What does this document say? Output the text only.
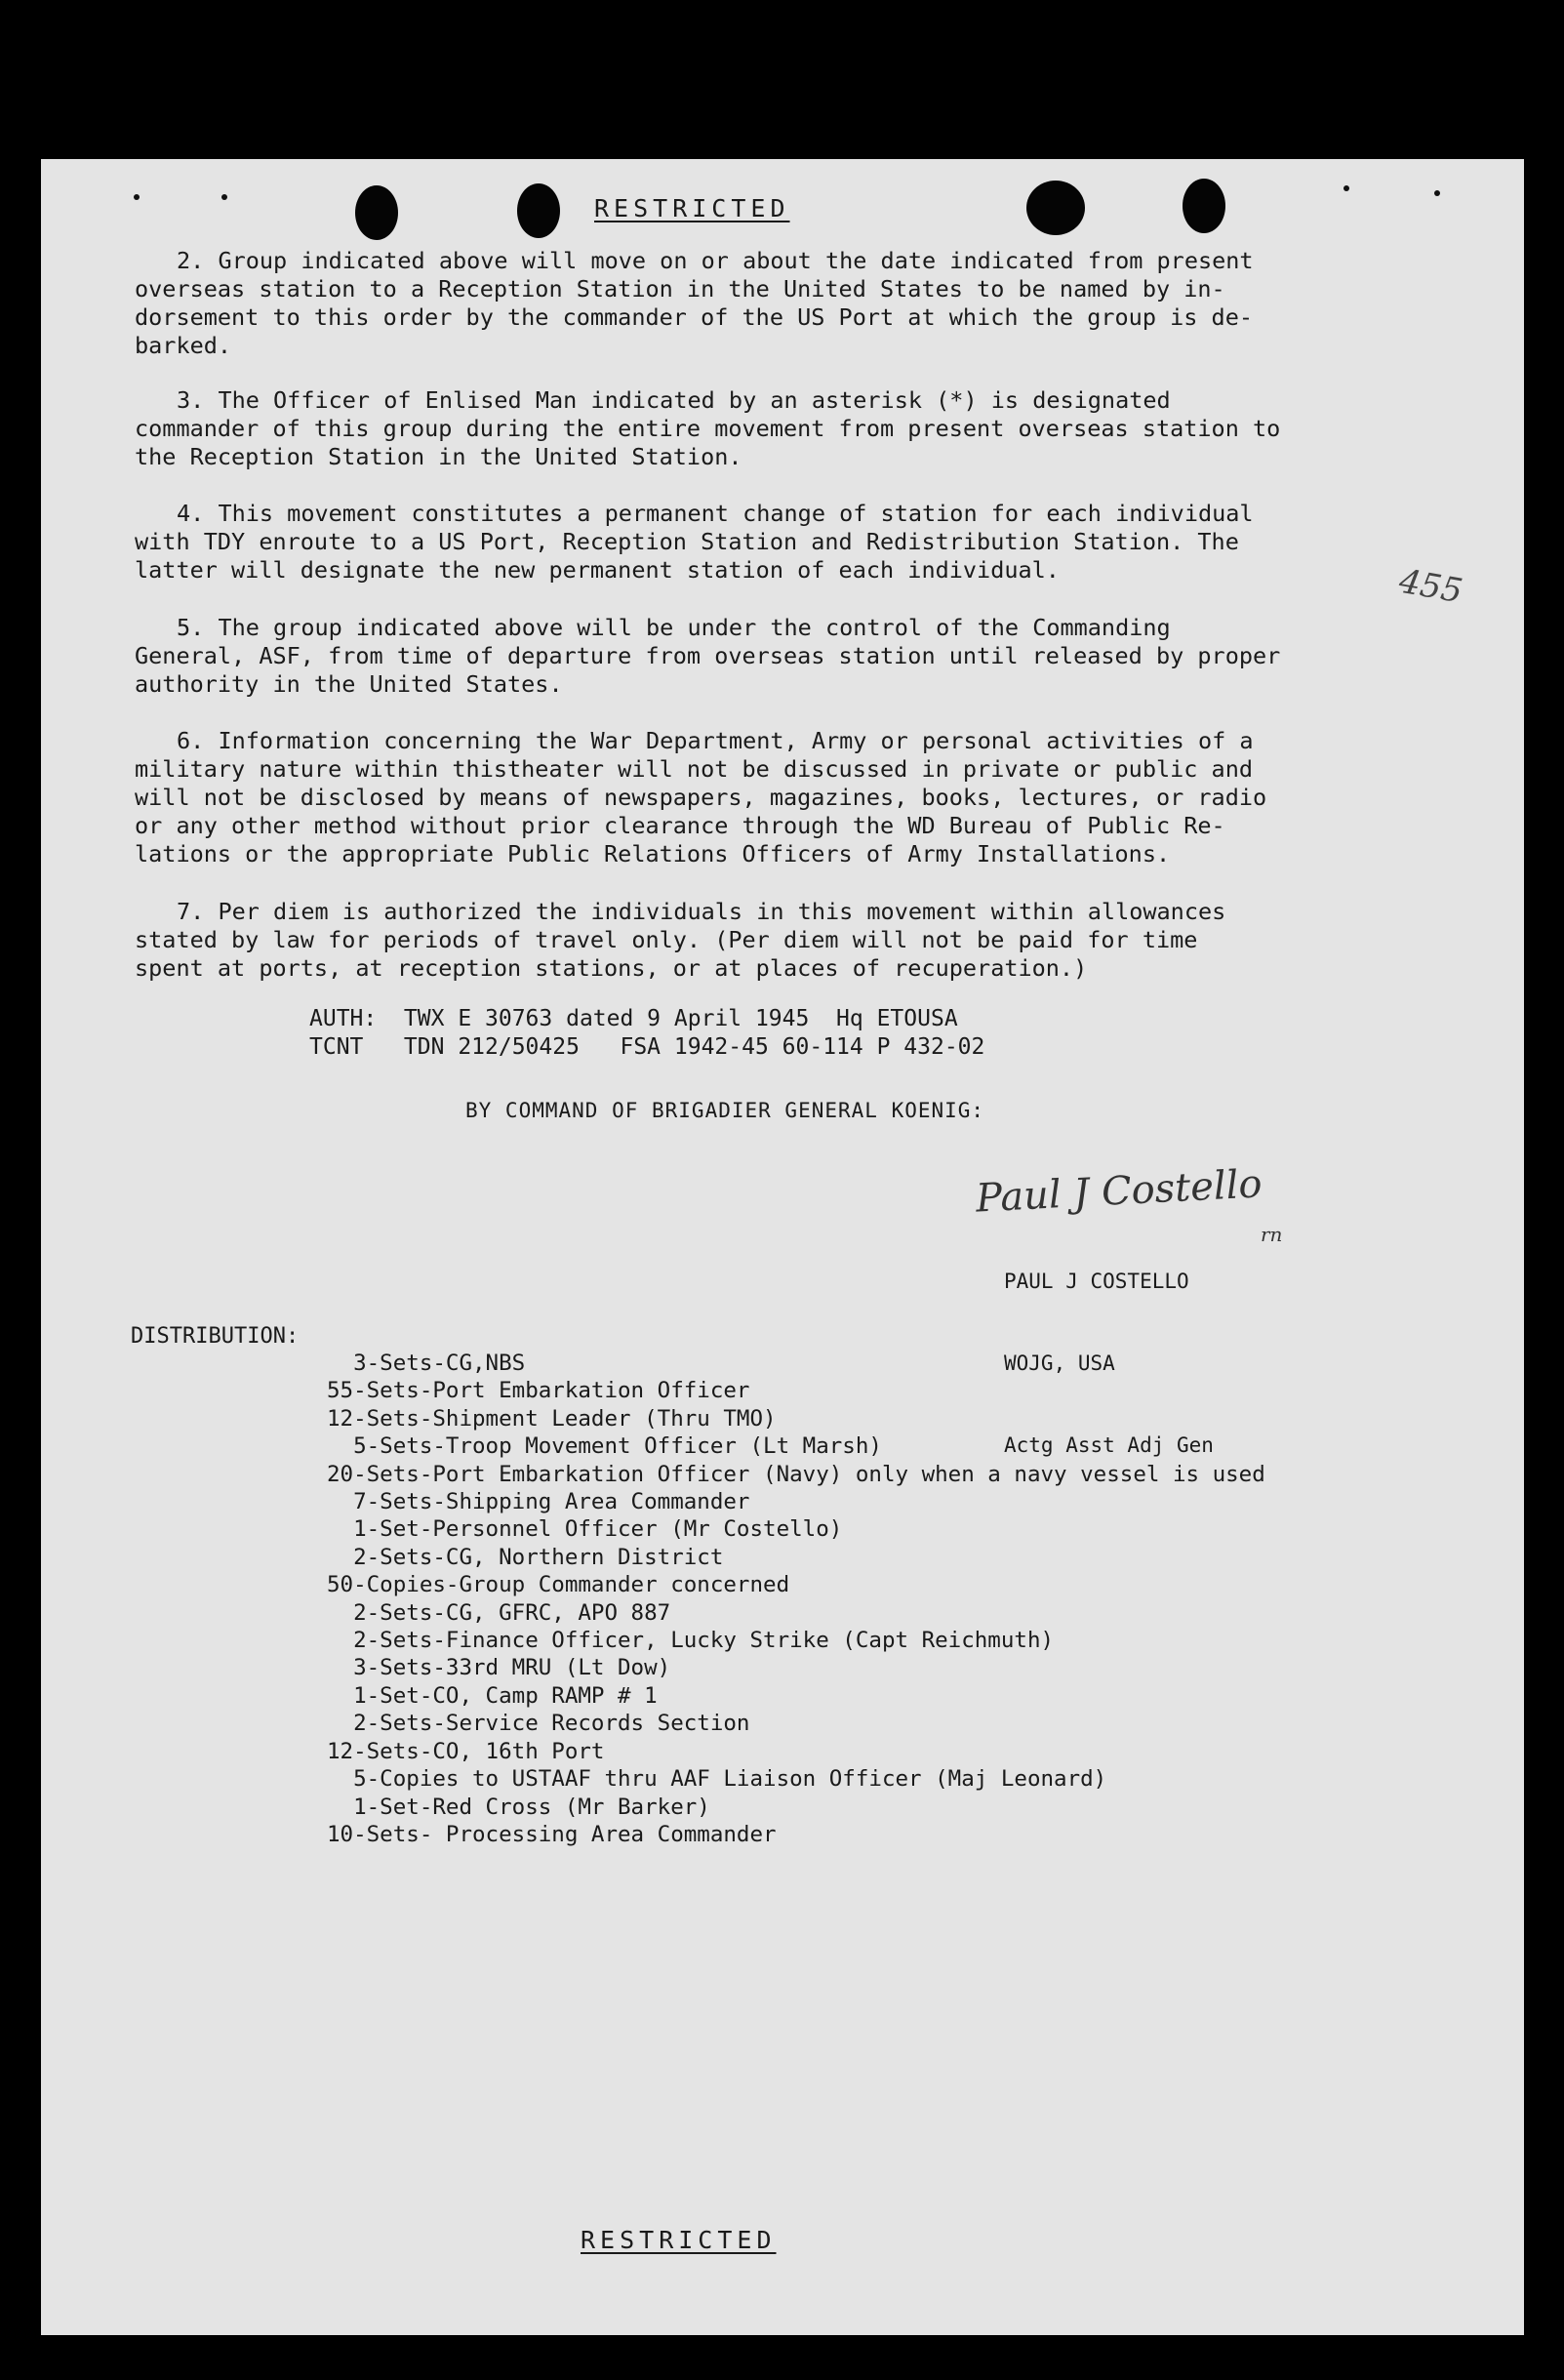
RESTRICTED
2. Group indicated above will move on or about the date indicated from present
overseas station to a Reception Station in the United States to be named by in-
dorsement to this order by the commander of the US Port at which the group is de-
barked.
3. The Officer of Enlised Man indicated by an asterisk (*) is designated
commander of this group during the entire movement from present overseas station to
the Reception Station in the United Station.
4. This movement constitutes a permanent change of station for each individual
with TDY enroute to a US Port, Reception Station and Redistribution Station. The
latter will designate the new permanent station of each individual.
5. The group indicated above will be under the control of the Commanding
General, ASF, from time of departure from overseas station until released by proper
authority in the United States.
6. Information concerning the War Department, Army or personal activities of a
military nature within thistheater will not be discussed in private or public and
will not be disclosed by means of newspapers, magazines, books, lectures, or radio
or any other method without prior clearance through the WD Bureau of Public Re-
lations or the appropriate Public Relations Officers of Army Installations.
7. Per diem is authorized the individuals in this movement within allowances
stated by law for periods of travel only. (Per diem will not be paid for time
spent at ports, at reception stations, or at places of recuperation.)
455
AUTH:  TWX E 30763 dated 9 April 1945  Hq ETOUSA
TCNT   TDN 212/50425   FSA 1942-45 60-114 P 432-02
BY COMMAND OF BRIGADIER GENERAL KOENIG:
Paul J Costello
rn

PAUL J COSTELLO

WOJG, USA

Actg Asst Adj Gen

DISTRIBUTION:
3-Sets-CG,NBS
55-Sets-Port Embarkation Officer
12-Sets-Shipment Leader (Thru TMO)
5-Sets-Troop Movement Officer (Lt Marsh)
20-Sets-Port Embarkation Officer (Navy) only when a navy vessel is used
7-Sets-Shipping Area Commander
1-Set-Personnel Officer (Mr Costello)
2-Sets-CG, Northern District
50-Copies-Group Commander concerned
2-Sets-CG, GFRC, APO 887
2-Sets-Finance Officer, Lucky Strike (Capt Reichmuth)
3-Sets-33rd MRU (Lt Dow)
1-Set-CO, Camp RAMP # 1
2-Sets-Service Records Section
12-Sets-CO, 16th Port
5-Copies to USTAAF thru AAF Liaison Officer (Maj Leonard)
1-Set-Red Cross (Mr Barker)
10-Sets- Processing Area Commander
RESTRICTED
